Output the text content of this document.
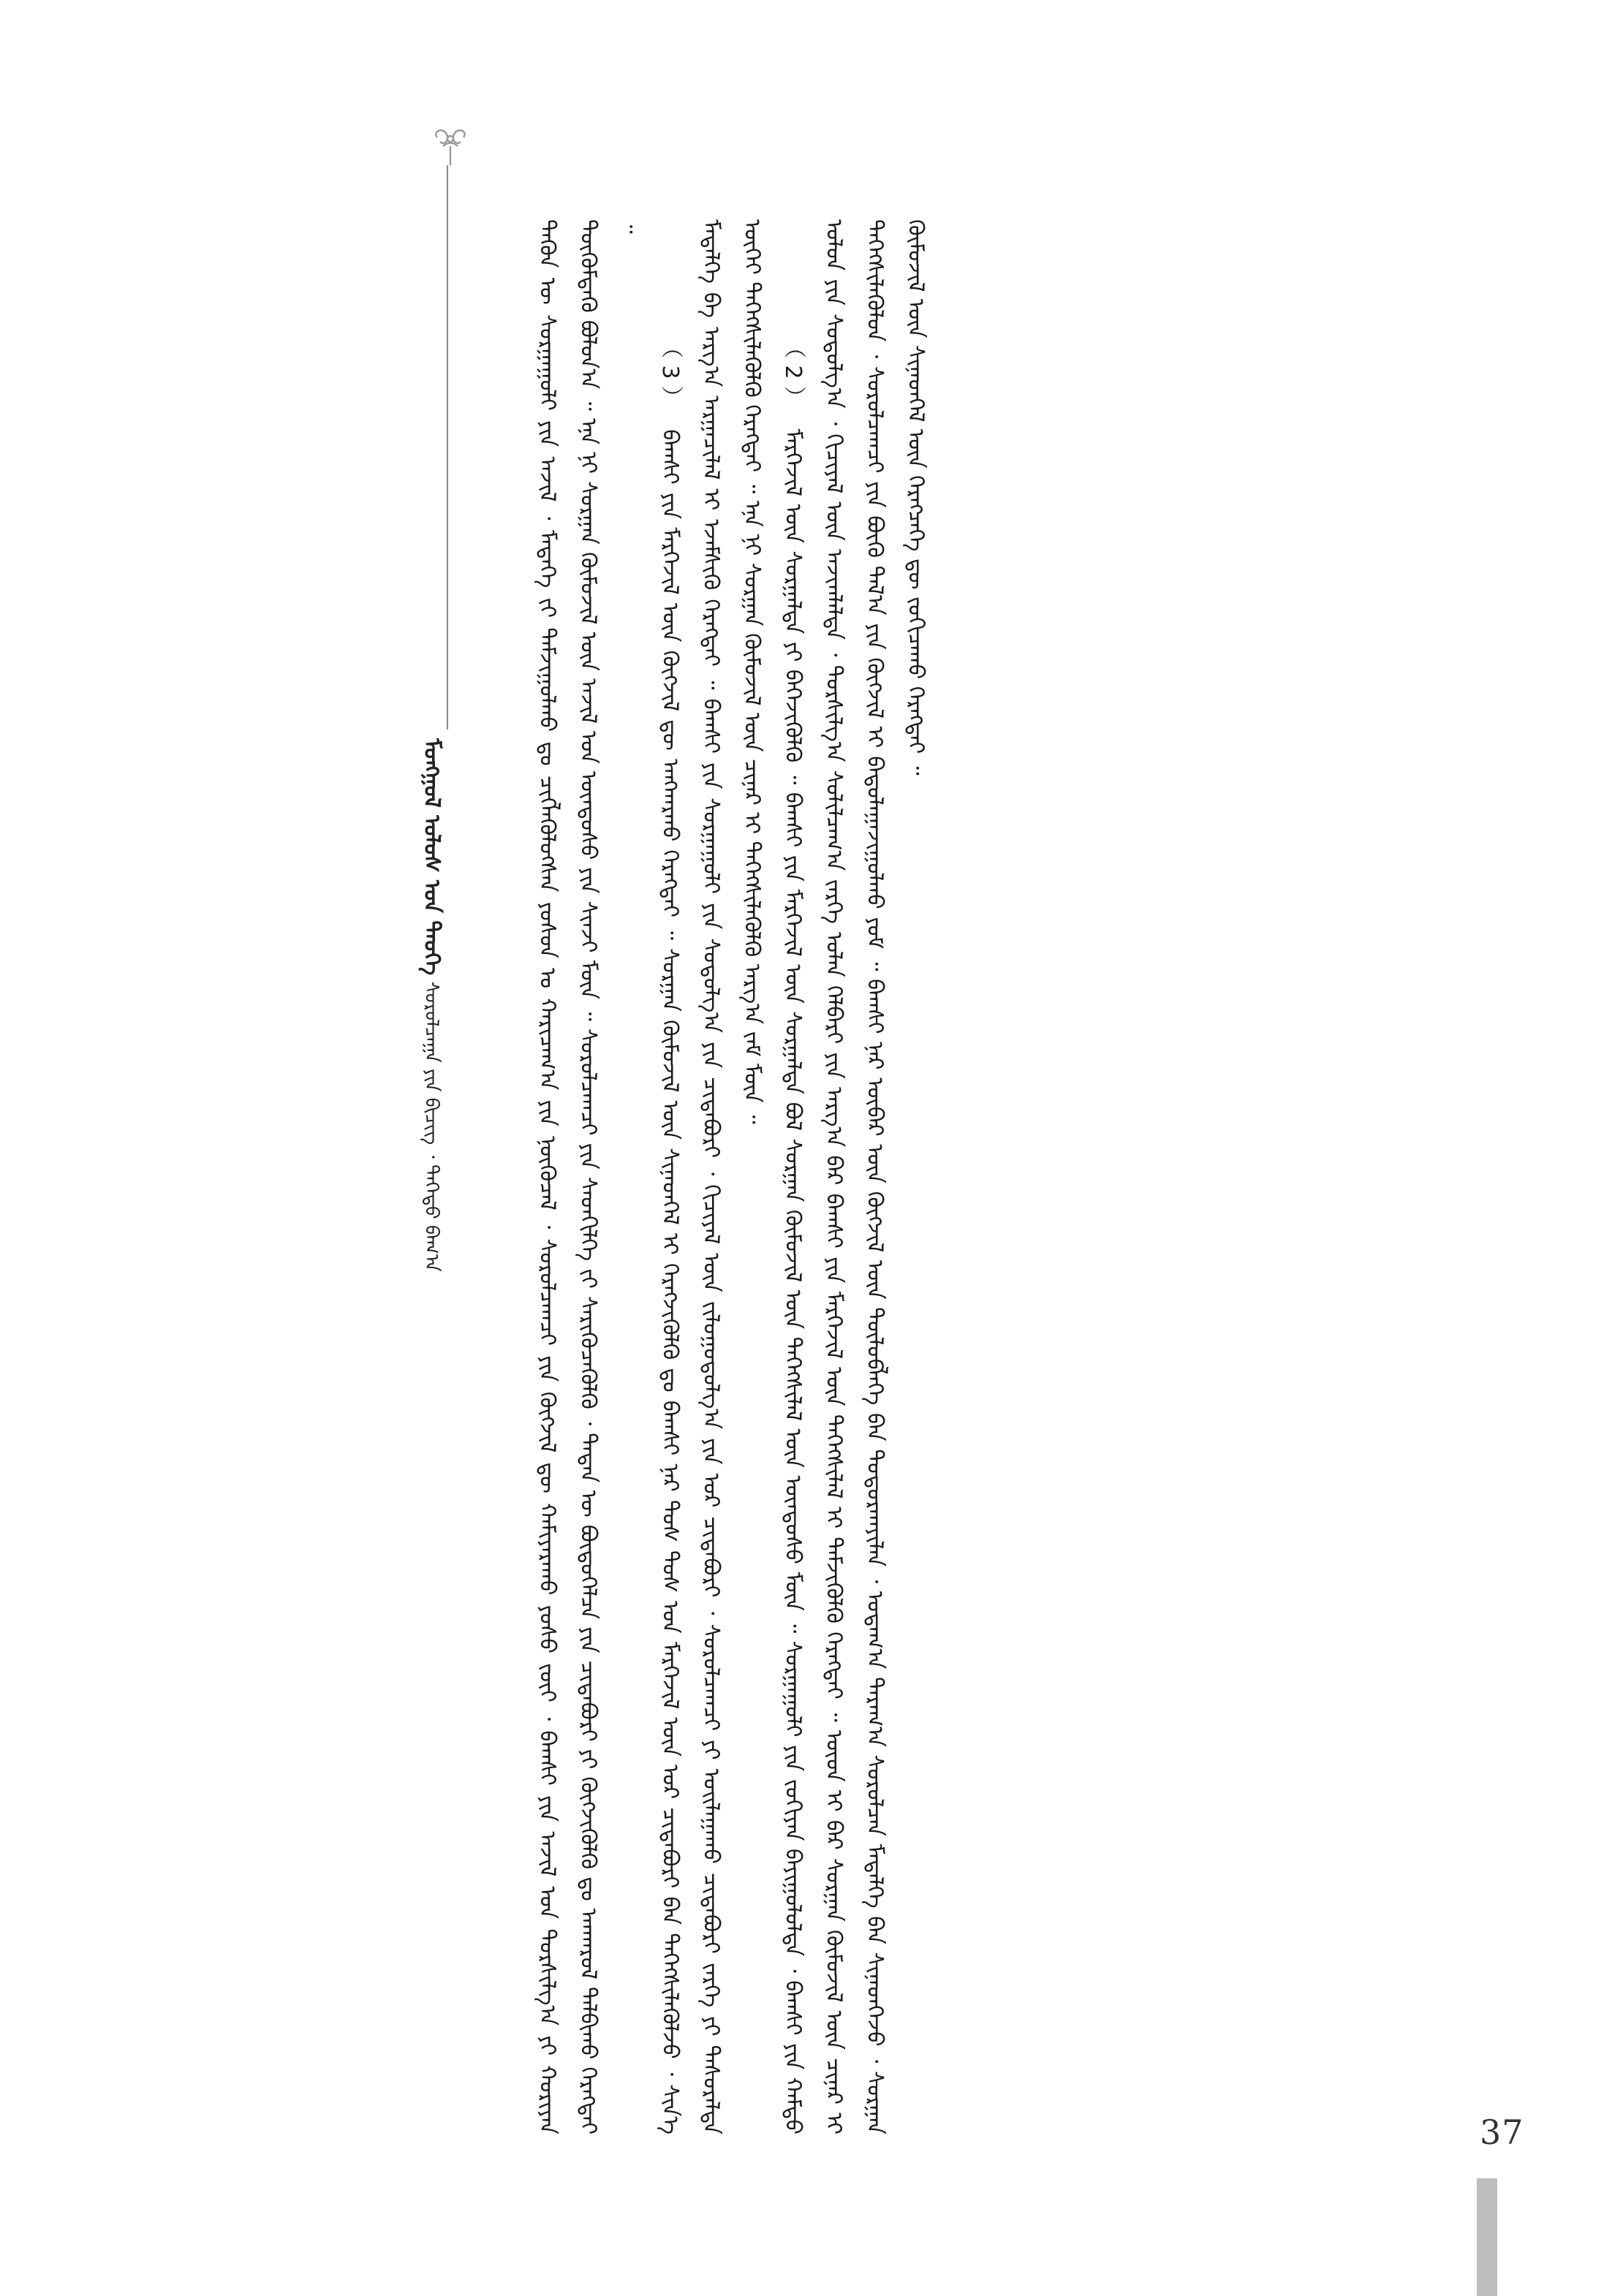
ᠮᠣᠩᠭᠣᠯ ᠤᠯᠤᠰ ᠤᠨ ᠲᠡᠦᠬᠡ ᠰᠤᠷᠤᠯᠴᠠᠭᠠ ᠶᠢᠨ ᠪᠢᠴᠢᠭ ᠂ ᠳᠡᠭᠡᠳᠦ ᠪᠠᠭ᠎ᠠ	ᠲᠡᠭᠦᠨ ᠦ ᠰᠤᠷᠭᠠᠭᠤᠯᠢ ᠶᠢᠨ ᠠᠵᠢᠯ ᠂ ᠮᠡᠳᠡᠭᠡ ᠵᠢ ᠳᠠᠮᠵᠢᠭᠤᠯᠬᠤ ᠳᠤ ᠴᠢᠭᠯᠡᠭᠦᠯᠦᠭᠰᠡᠨ ᠶᠤᠰᠤᠨ ᠤ ᠬᠠᠷᠢᠴᠠᠭ᠎ᠠ ᠶᠢᠨ ᠨᠥᠬᠦᠴᠡᠯ ᠂ ᠰᠤᠷᠤᠯᠴᠠᠭᠴᠢ ᠶᠢᠨ ᠬᠥᠭᠵᠢᠯ ᠳᠦ ᠬᠠᠮᠢᠶᠠᠷᠠᠬᠤ ᠶᠤᠰᠤ ᠵᠦᠢ ᠂ ᠪᠠᠭᠰᠢ ᠶᠢᠨ ᠠᠵᠢᠯ ᠤᠨ ᠲᠤᠷᠰᠢᠯᠭ᠎ᠠ ᠶᠢ ᠬᠤᠷᠢᠶᠠᠨ ᠳᠦᠭᠦᠮᠳᠡᠬᠦ ᠪᠤᠯᠤᠨ᠎ᠠ ᠃ ᠡᠨᠡ ᠨᠢ ᠰᠤᠷᠭᠠᠨ ᠬᠥᠮᠦᠵᠢᠯ ᠦᠨ ᠠᠵᠢᠯ ᠤᠨ ᠦᠨᠳᠦᠰᠦ ᠶᠢᠨ ᠰᠢᠨᠵᠢ ᠮᠥᠨ ᠃ ᠰᠤᠷᠤᠯᠴᠠᠭᠴᠢ ᠶᠢᠨ ᠰᠡᠳᠬᠢᠯᠭᠡ ᠵᠢ ᠰᠡᠷᠢᠭᠦᠴᠡᠭᠦᠯᠬᠦ ᠂ ᠲᠡᠳᠡᠨ ᠦ ᠪᠦᠲᠦᠭᠡᠯᠴᠡ ᠶᠢᠨ ᠴᠢᠳᠠᠪᠤᠷᠢ ᠶᠢ ᠬᠥᠭᠵᠢᠭᠦᠯᠬᠦ ᠳᠤ ᠠᠨᠬᠠᠷᠤᠯ ᠲᠠᠯᠪᠢᠬᠤ ᠬᠡᠷᠡᠭᠲᠡᠢ ᠃

（ 3 ） ᠪᠠᠭᠰᠢ ᠶᠢᠨ ᠮᠡᠷᠭᠡᠵᠢᠯ ᠦᠨ ᠬᠥᠭᠵᠢᠯ ᠳᠦ ᠠᠩᠬᠠᠷᠬᠤ ᠬᠡᠷᠡᠭᠲᠡᠢ ᠃ ᠰᠤᠷᠭᠠᠨ ᠬᠥᠮᠦᠵᠢᠯ ᠦᠨ ᠰᠢᠨᠡᠳᠬᠡᠯ ᠢ ᠬᠡᠷᠡᠭᠵᠢᠭᠦᠯᠬᠦ ᠳᠤ ᠪᠠᠭᠰᠢ ᠨᠠᠷ ᠲᠤᠰ ᠲᠤᠰ ᠤᠨ ᠮᠡᠷᠭᠡᠵᠢᠯ ᠦᠨ ᠤᠷ ᠴᠢᠳᠠᠪᠤᠷᠢ ᠪᠠᠨ ᠳᠡᠭᠡᠭᠰᠢᠯᠡᠭᠦᠯᠵᠦ ᠂ ᠰᠢᠨ᠎ᠡ ᠮᠡᠳᠡᠯᠭᠡ ᠪᠠ ᠠᠷᠭ᠎ᠠ ᠠᠷᠭᠠᠴᠢᠯᠠᠯ ᠢ ᠡᠵᠡᠮᠰᠢᠬᠦ ᠬᠡᠷᠡᠭᠲᠡᠢ ᠃ ᠪᠠᠭᠰᠢ ᠶᠢᠨ ᠰᠤᠷᠭᠠᠭᠤᠯᠢ ᠶᠢᠨ ᠰᠤᠳᠤᠯᠭ᠎ᠠ ᠶᠢᠨ ᠴᠢᠳᠠᠪᠤᠷᠢ ᠂ ᠬᠢᠴᠢᠶᠡᠯ ᠦᠨ ᠵᠢᠯᠤᠭᠤᠳᠤᠯᠭ᠎ᠠ ᠶᠢᠨ ᠤᠷ ᠴᠢᠳᠠᠪᠤᠷᠢ ᠂ ᠰᠤᠷᠤᠯᠴᠠᠭᠴᠢ ᠶᠢ ᠣᠢᠯᠠᠭᠠᠬᠤ ᠴᠢᠳᠠᠪᠤᠷᠢ ᠵᠡᠷᠭᠡ ᠶᠢ ᠲᠠᠰᠤᠷᠠᠯᠲᠠ ᠦᠭᠡᠢ ᠳᠡᠭᠡᠭᠰᠢᠯᠡᠭᠦᠯᠬᠦ ᠬᠡᠷᠡᠭᠲᠡᠢ ᠃ ᠡᠨᠡ ᠨᠢ ᠰᠤᠷᠭᠠᠨ ᠬᠥᠮᠦᠵᠢᠯ ᠦᠨ ᠴᠢᠨᠠᠷ ᠢ ᠳᠡᠭᠡᠭᠰᠢᠯᠡᠭᠦᠯᠬᠦ ᠠᠷᠭ᠎ᠠ ᠵᠠᠮ ᠮᠥᠨ ᠃ （ 2 ） ᠮᠡᠷᠭᠡᠵᠢᠯ ᠦᠨ ᠰᠤᠷᠭᠠᠯᠲᠠ ᠶᠢ ᠪᠡᠬᠡᠵᠢᠭᠦᠯᠬᠦ ᠃ ᠪᠠᠭᠰᠢ ᠶᠢᠨ ᠮᠡᠷᠭᠡᠵᠢᠯ ᠦᠨ ᠰᠤᠷᠭᠠᠯᠲᠠ ᠪᠤᠯ ᠰᠤᠷᠭᠠᠨ ᠬᠥᠮᠦᠵᠢᠯ ᠦᠨ ᠳᠡᠭᠡᠭᠰᠢᠯᠡᠯ ᠦᠨ ᠦᠨᠳᠦᠰᠦ ᠮᠥᠨ ᠃ ᠰᠤᠷᠭᠠᠭᠤᠯᠢ ᠶᠢᠨ ᠵᠤᠬᠢᠶᠠᠨ ᠪᠠᠶᠢᠭᠤᠯᠤᠯᠲᠠ ᠂ ᠪᠠᠭᠰᠢ ᠶᠢᠨ ᠬᠠᠮᠲᠤ ᠤᠯᠤᠨ ᠶᠢᠨ ᠰᠤᠳᠤᠯᠭ᠎ᠠ ᠂ ᠬᠢᠴᠢᠶᠡᠯ ᠦᠨ ᠠᠵᠢᠭᠯᠠᠯᠲᠠ ᠂ ᠲᠤᠷᠰᠢᠯᠭ᠎ᠠ ᠰᠤᠯᠢᠯᠴᠠᠭ᠎ᠠ ᠵᠡᠷᠭᠡ ᠣᠯᠠᠨ ᠬᠡᠯᠪᠡᠷᠢ ᠶᠢᠨ ᠠᠷᠭ᠎ᠠ ᠪᠡᠷ ᠪᠠᠭᠰᠢ ᠶᠢᠨ ᠮᠡᠷᠭᠡᠵᠢᠯ ᠦᠨ ᠳᠡᠭᠡᠭᠰᠢᠯᠡᠯ ᠢ ᠳᠡᠮᠵᠢᠭᠦᠯᠬᠦ ᠬᠡᠷᠡᠭᠲᠡᠢ ᠃ ᠦᠦᠨ ᠢ ᠪᠠᠷ ᠰᠤᠷᠭᠠᠨ ᠬᠥᠮᠦᠵᠢᠯ ᠦᠨ ᠴᠢᠨᠠᠷ ᠢ ᠳᠡᠭᠡᠭᠰᠢᠯᠡᠭᠦᠯᠦᠨ ᠂ ᠰᠤᠷᠤᠯᠴᠠᠭᠴᠢ ᠶᠢᠨ ᠪᠦᠬᠦ ᠲᠠᠯ᠎ᠠ ᠶᠢᠨ ᠬᠥᠭᠵᠢᠯ ᠢ ᠪᠠᠲᠤᠯᠠᠭᠠᠵᠢᠭᠤᠯᠬᠤ ᠶᠤᠮ ᠃ ᠪᠠᠭᠰᠢ ᠨᠠᠷ ᠦᠪᠡᠷ ᠦᠨ ᠬᠥᠭᠵᠢᠯ ᠦᠨ ᠲᠥᠯᠥᠪᠯᠡᠭᠡ ᠪᠡᠨ ᠲᠣᠳᠣᠷᠬᠠᠶᠢᠯᠠᠨ ᠂ ᠤᠳᠠᠭ᠎ᠠ ᠳᠠᠷᠠᠭ᠎ᠠ ᠰᠤᠷᠤᠯᠴᠠᠨ ᠮᠡᠳᠡᠯᠭᠡ ᠪᠡᠨ ᠰᠢᠨᠡᠳᠬᠡᠵᠦ ᠂ ᠰᠤᠷᠭᠠᠨ ᠬᠥᠮᠦᠵᠢᠯ ᠦᠨ ᠰᠢᠨᠡᠳᠬᠡᠯ ᠦᠨ ᠬᠡᠷᠡᠭᠴᠡᠭᠡ ᠳᠦ ᠵᠣᠬᠢᠴᠠᠬᠤ ᠬᠡᠷᠡᠭᠲᠡᠢ ᠃

37
